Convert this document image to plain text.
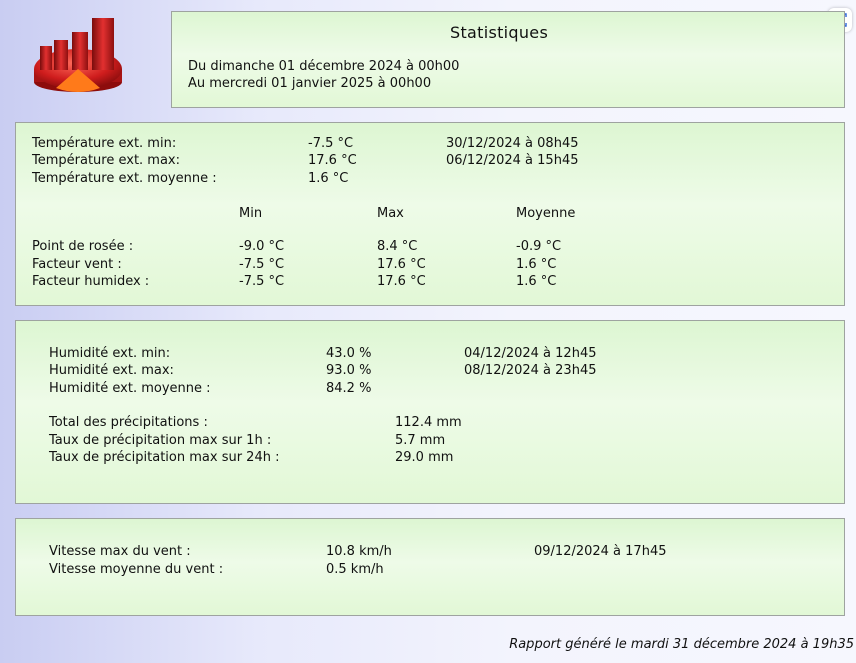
Statistiques
Du dimanche 01 décembre 2024 à 00h00
Au mercredi 01 janvier 2025 à 00h00
Température ext. min:	-7.5 °C	30/12/2024 à 08h45
Température ext. max:	17.6 °C	06/12/2024 à 15h45
Température ext. moyenne :	1.6 °C
Min	Max	Moyenne
Point de rosée :	-9.0 °C	8.4 °C	-0.9 °C
Facteur vent :	-7.5 °C	17.6 °C	1.6 °C
Facteur humidex :	-7.5 °C	17.6 °C	1.6 °C
Humidité ext. min:	43.0 %	04/12/2024 à 12h45
Humidité ext. max:	93.0 %	08/12/2024 à 23h45
Humidité ext. moyenne :	84.2 %
Total des précipitations :	112.4 mm
Taux de précipitation max sur 1h :	5.7 mm
Taux de précipitation max sur 24h :	29.0 mm
Vitesse max du vent :	10.8 km/h	09/12/2024 à 17h45
Vitesse moyenne du vent :	0.5 km/h
Rapport généré le mardi 31 décembre 2024 à 19h35
